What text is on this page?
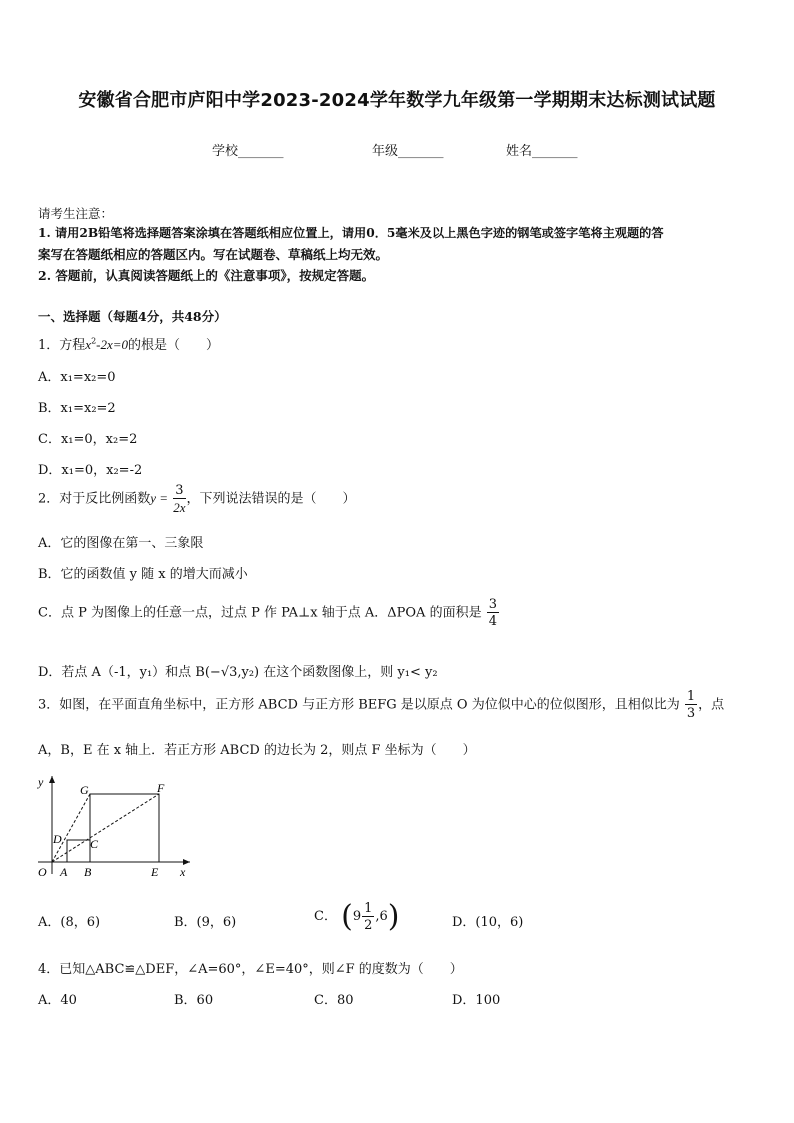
安徽省合肥市庐阳中学2023-2024学年数学九年级第一学期期末达标测试试题
学校_______	年级_______	姓名_______
请考生注意：
1. 请用2B铅笔将选择题答案涂填在答题纸相应位置上，请用0．5毫米及以上黑色字迹的钢笔或签字笔将主观题的答
案写在答题纸相应的答题区内。写在试题卷、草稿纸上均无效。
2. 答题前，认真阅读答题纸上的《注意事项》，按规定答题。
一、选择题（每题4分，共48分）
1．方程$x^2-2x=0$的根是（　　）
A．x₁=x₂=0
B．x₁=x₂=2
C．x₁=0，x₂=2
D．x₁=0，x₂=-2
2．对于反比例函数$y = \frac{3}{2x}$ ，下列说法错误的是（　　）
A．它的图像在第一、三象限
B．它的函数值 y 随 x 的增大而减小
C．点 P 为图像上的任意一点，过点 P 作 PA⊥x 轴于点 A．ΔPOA 的面积是 $\frac{3}{4}$
D．若点 A（-1，y₁）和点 B(−√3,y₂) 在这个函数图像上，则 y₁< y₂
3．如图，在平面直角坐标中，正方形 ABCD 与正方形 BEFG 是以原点 O 为位似中心的位似图形，且相似比为 $\frac{1}{3}$ ，点
A，B，E 在 x 轴上．若正方形 ABCD 的边长为 2，则点 F 坐标为（　　）
y
x
O A B	E
C
D
G	F
A．(8，6)	B．(9，6)	C． $(9 \frac{1}{2} ,6)$	D．(10，6)
4．已知△ABC≌△DEF，∠A=60°，∠E=40°，则∠F 的度数为（　　）
A．40	B．60	C．80	D．100
